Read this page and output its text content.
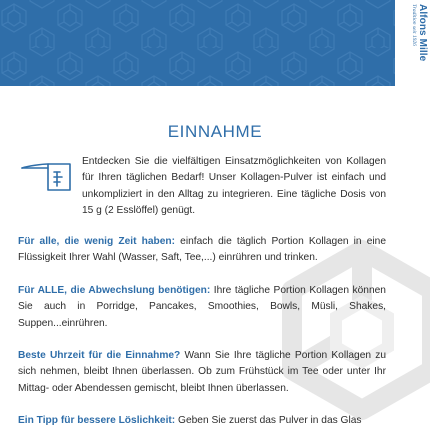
Alfons Mille
Tradition seit 1926
EINNAHME
Entdecken Sie die vielfältigen Einsatzmöglichkeiten von Kollagen für Ihren täglichen Bedarf! Unser Kollagen-Pulver ist einfach und unkompliziert in den Alltag zu integrieren. Eine tägliche Dosis von 15 g (2 Esslöffel) genügt.
Für alle, die wenig Zeit haben: einfach die täglich Portion Kollagen in eine Flüssigkeit Ihrer Wahl (Wasser, Saft, Tee,...) einrühren und trinken.
Für ALLE, die Abwechslung benötigen: Ihre tägliche Portion Kollagen können Sie auch in Porridge, Pancakes, Smoothies, Bowls, Müsli, Shakes, Suppen...einrühren.
Beste Uhrzeit für die Einnahme? Wann Sie Ihre tägliche Portion Kollagen zu sich nehmen, bleibt Ihnen überlassen. Ob zum Frühstück im Tee oder unter Ihr Mittag- oder Abendessen gemischt, bleibt Ihnen überlassen.
Ein Tipp für bessere Löslichkeit: Geben Sie zuerst das Pulver in das Glas
